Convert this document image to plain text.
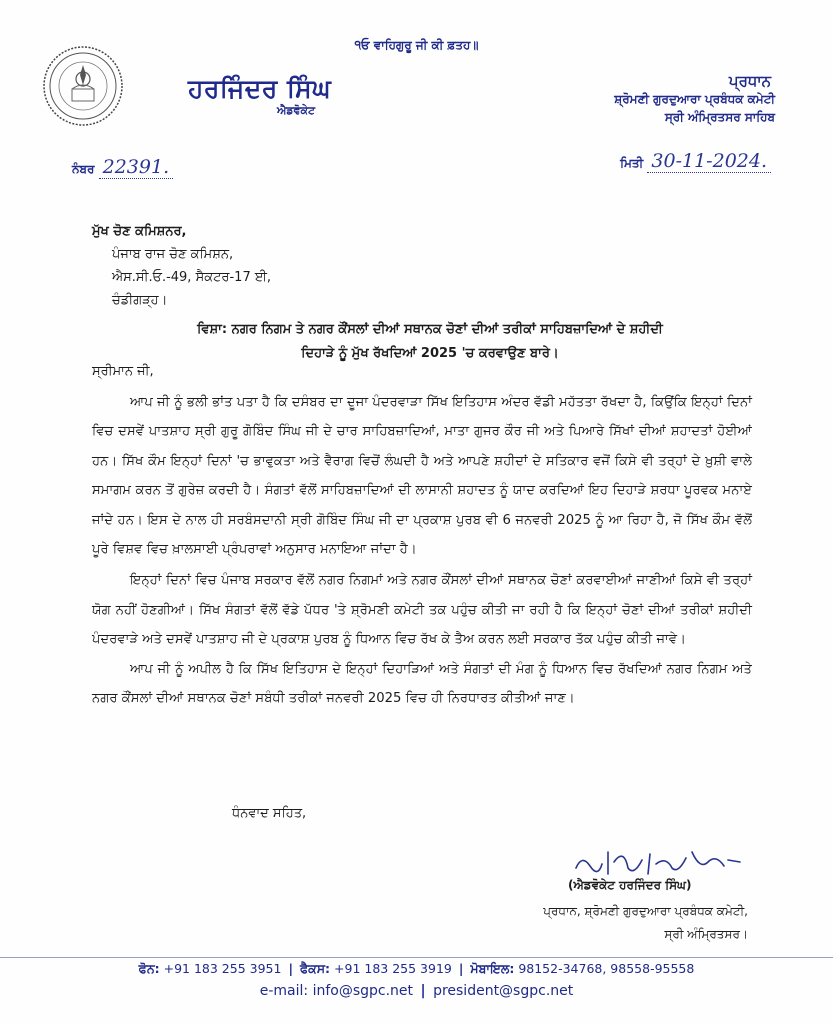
੧ਓ ਵਾਹਿਗੁਰੂ ਜੀ ਕੀ ਫ਼ਤਹ॥
ਹਰਜਿੰਦਰ ਸਿੰਘ
ਐਡਵੋਕੇਟ
ਪ੍ਰਧਾਨ
ਸ਼੍ਰੋਮਣੀ ਗੁਰਦੁਆਰਾ ਪ੍ਰਬੰਧਕ ਕਮੇਟੀ
ਸ੍ਰੀ ਅੰਮ੍ਰਿਤਸਰ ਸਾਹਿਬ
ਨੰਬਰ 22391.	ਮਿਤੀ 30-11-2024.
ਮੁੱਖ ਚੋਣ ਕਮਿਸ਼ਨਰ,
ਪੰਜਾਬ ਰਾਜ ਚੋਣ ਕਮਿਸ਼ਨ,
ਐਸ.ਸੀ.ਓ.-49, ਸੈਕਟਰ-17 ਈ,
ਚੰਡੀਗੜ੍ਹ।
ਵਿਸ਼ਾ: ਨਗਰ ਨਿਗਮ ਤੇ ਨਗਰ ਕੌਂਸਲਾਂ ਦੀਆਂ ਸਥਾਨਕ ਚੋਣਾਂ ਦੀਆਂ ਤਰੀਕਾਂ ਸਾਹਿਬਜ਼ਾਦਿਆਂ ਦੇ ਸ਼ਹੀਦੀ
ਦਿਹਾੜੇ ਨੂੰ ਮੁੱਖ ਰੱਖਦਿਆਂ 2025 'ਚ ਕਰਵਾਉਣ ਬਾਰੇ।
ਸ੍ਰੀਮਾਨ ਜੀ,

ਆਪ ਜੀ ਨੂੰ ਭਲੀ ਭਾਂਤ ਪਤਾ ਹੈ ਕਿ ਦਸੰਬਰ ਦਾ ਦੂਜਾ ਪੰਦਰਵਾੜਾ ਸਿੱਖ ਇਤਿਹਾਸ ਅੰਦਰ ਵੱਡੀ ਮਹੱਤਤਾ ਰੱਖਦਾ ਹੈ, ਕਿਉਂਕਿ ਇਨ੍ਹਾਂ ਦਿਨਾਂ ਵਿਚ ਦਸਵੇਂ ਪਾਤਸ਼ਾਹ ਸ੍ਰੀ ਗੁਰੂ ਗੋਬਿੰਦ ਸਿੰਘ ਜੀ ਦੇ ਚਾਰ ਸਾਹਿਬਜ਼ਾਦਿਆਂ, ਮਾਤਾ ਗੁਜਰ ਕੌਰ ਜੀ ਅਤੇ ਪਿਆਰੇ ਸਿੱਖਾਂ ਦੀਆਂ ਸ਼ਹਾਦਤਾਂ ਹੋਈਆਂ ਹਨ। ਸਿੱਖ ਕੌਮ ਇਨ੍ਹਾਂ ਦਿਨਾਂ 'ਚ ਭਾਵੁਕਤਾ ਅਤੇ ਵੈਰਾਗ ਵਿਚੋਂ ਲੰਘਦੀ ਹੈ ਅਤੇ ਆਪਣੇ ਸ਼ਹੀਦਾਂ ਦੇ ਸਤਿਕਾਰ ਵਜੋਂ ਕਿਸੇ ਵੀ ਤਰ੍ਹਾਂ ਦੇ ਖ਼ੁਸ਼ੀ ਵਾਲੇ ਸਮਾਗਮ ਕਰਨ ਤੋਂ ਗੁਰੇਜ਼ ਕਰਦੀ ਹੈ। ਸੰਗਤਾਂ ਵੱਲੋਂ ਸਾਹਿਬਜ਼ਾਦਿਆਂ ਦੀ ਲਾਸਾਨੀ ਸ਼ਹਾਦਤ ਨੂੰ ਯਾਦ ਕਰਦਿਆਂ ਇਹ ਦਿਹਾੜੇ ਸ਼ਰਧਾ ਪੂਰਵਕ ਮਨਾਏ ਜਾਂਦੇ ਹਨ। ਇਸ ਦੇ ਨਾਲ ਹੀ ਸਰਬੰਸਦਾਨੀ ਸ੍ਰੀ ਗੋਬਿੰਦ ਸਿੰਘ ਜੀ ਦਾ ਪ੍ਰਕਾਸ਼ ਪੁਰਬ ਵੀ 6 ਜਨਵਰੀ 2025 ਨੂੰ ਆ ਰਿਹਾ ਹੈ, ਜੋ ਸਿੱਖ ਕੌਮ ਵੱਲੋਂ ਪੂਰੇ ਵਿਸ਼ਵ ਵਿਚ ਖ਼ਾਲਸਾਈ ਪ੍ਰੰਪਰਾਵਾਂ ਅਨੁਸਾਰ ਮਨਾਇਆ ਜਾਂਦਾ ਹੈ।

ਇਨ੍ਹਾਂ ਦਿਨਾਂ ਵਿਚ ਪੰਜਾਬ ਸਰਕਾਰ ਵੱਲੋਂ ਨਗਰ ਨਿਗਮਾਂ ਅਤੇ ਨਗਰ ਕੌਂਸਲਾਂ ਦੀਆਂ ਸਥਾਨਕ ਚੋਣਾਂ ਕਰਵਾਈਆਂ ਜਾਣੀਆਂ ਕਿਸੇ ਵੀ ਤਰ੍ਹਾਂ ਯੋਗ ਨਹੀਂ ਹੋਣਗੀਆਂ। ਸਿੱਖ ਸੰਗਤਾਂ ਵੱਲੋਂ ਵੱਡੇ ਪੱਧਰ 'ਤੇ ਸ਼੍ਰੋਮਣੀ ਕਮੇਟੀ ਤਕ ਪਹੁੰਚ ਕੀਤੀ ਜਾ ਰਹੀ ਹੈ ਕਿ ਇਨ੍ਹਾਂ ਚੋਣਾਂ ਦੀਆਂ ਤਰੀਕਾਂ ਸ਼ਹੀਦੀ ਪੰਦਰਵਾੜੇ ਅਤੇ ਦਸਵੇਂ ਪਾਤਸ਼ਾਹ ਜੀ ਦੇ ਪ੍ਰਕਾਸ਼ ਪੁਰਬ ਨੂੰ ਧਿਆਨ ਵਿਚ ਰੱਖ ਕੇ ਤੈਅ ਕਰਨ ਲਈ ਸਰਕਾਰ ਤੱਕ ਪਹੁੰਚ ਕੀਤੀ ਜਾਵੇ।

ਆਪ ਜੀ ਨੂੰ ਅਪੀਲ ਹੈ ਕਿ ਸਿੱਖ ਇਤਿਹਾਸ ਦੇ ਇਨ੍ਹਾਂ ਦਿਹਾੜਿਆਂ ਅਤੇ ਸੰਗਤਾਂ ਦੀ ਮੰਗ ਨੂੰ ਧਿਆਨ ਵਿਚ ਰੱਖਦਿਆਂ ਨਗਰ ਨਿਗਮ ਅਤੇ ਨਗਰ ਕੌਂਸਲਾਂ ਦੀਆਂ ਸਥਾਨਕ ਚੋਣਾਂ ਸਬੰਧੀ ਤਰੀਕਾਂ ਜਨਵਰੀ 2025 ਵਿਚ ਹੀ ਨਿਰਧਾਰਤ ਕੀਤੀਆਂ ਜਾਣ।

ਧੰਨਵਾਦ ਸਹਿਤ,
(ਐਡਵੋਕੇਟ ਹਰਜਿੰਦਰ ਸਿੰਘ)
ਪ੍ਰਧਾਨ, ਸ਼੍ਰੋਮਣੀ ਗੁਰਦੁਆਰਾ ਪ੍ਰਬੰਧਕ ਕਮੇਟੀ,
ਸ੍ਰੀ ਅੰਮ੍ਰਿਤਸਰ।
ਫੋਨ: +91 183 255 3951 | ਫੈਕਸ: +91 183 255 3919 | ਮੋਬਾਇਲ: 98152-34768, 98558-95558
e-mail: info@sgpc.net | president@sgpc.net
